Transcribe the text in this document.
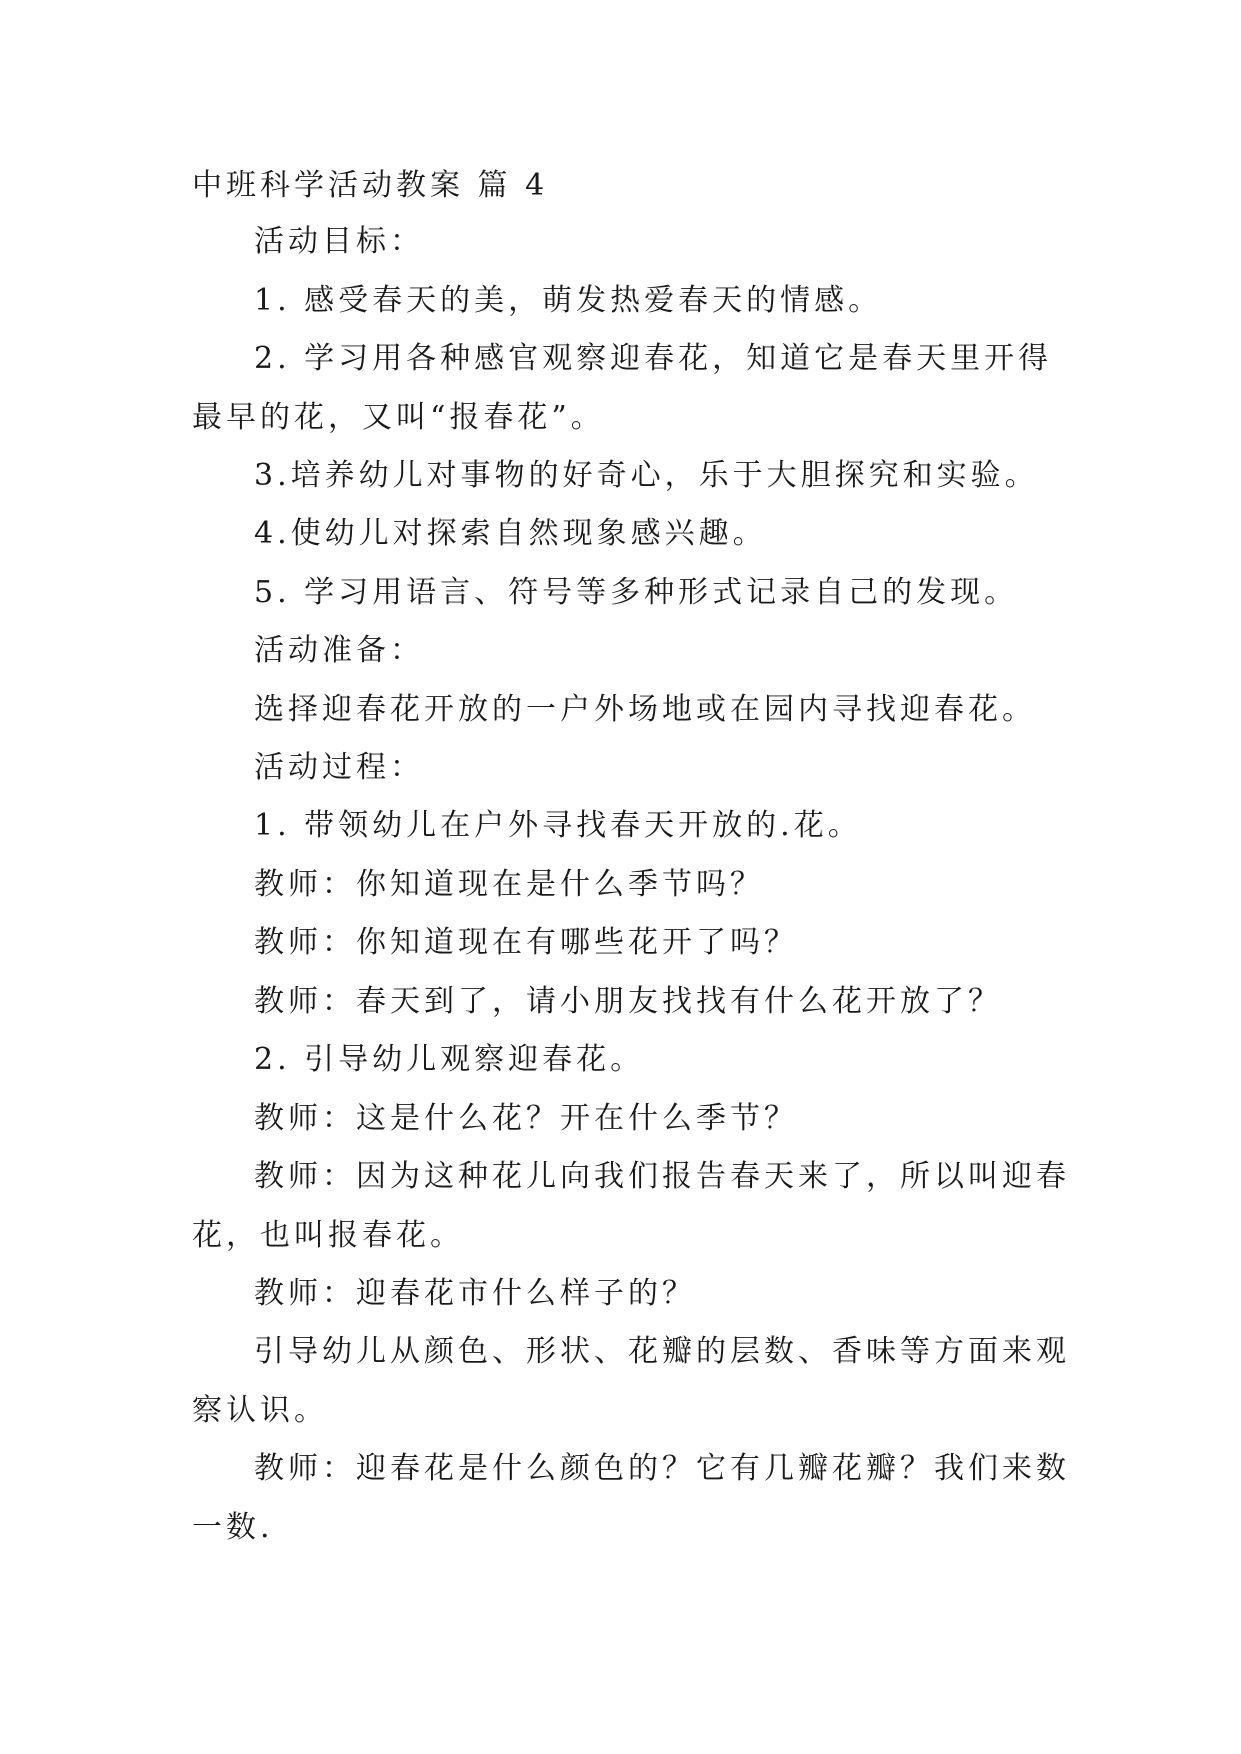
中班科学活动教案 篇 4
活动目标：
1. 感受春天的美，萌发热爱春天的情感。
2. 学习用各种感官观察迎春花，知道它是春天里开得
最早的花，又叫“报春花”。
3.培养幼儿对事物的好奇心，乐于大胆探究和实验。
4.使幼儿对探索自然现象感兴趣。
5. 学习用语言、符号等多种形式记录自己的发现。
活动准备：
选择迎春花开放的一户外场地或在园内寻找迎春花。
活动过程：
1. 带领幼儿在户外寻找春天开放的.花。
教师：你知道现在是什么季节吗？
教师：你知道现在有哪些花开了吗？
教师：春天到了，请小朋友找找有什么花开放了？
2. 引导幼儿观察迎春花。
教师：这是什么花？开在什么季节？
教师：因为这种花儿向我们报告春天来了，所以叫迎春
花，也叫报春花。
教师：迎春花市什么样子的？
引导幼儿从颜色、形状、花瓣的层数、香味等方面来观
察认识。
教师：迎春花是什么颜色的？它有几瓣花瓣？我们来数
一数.
